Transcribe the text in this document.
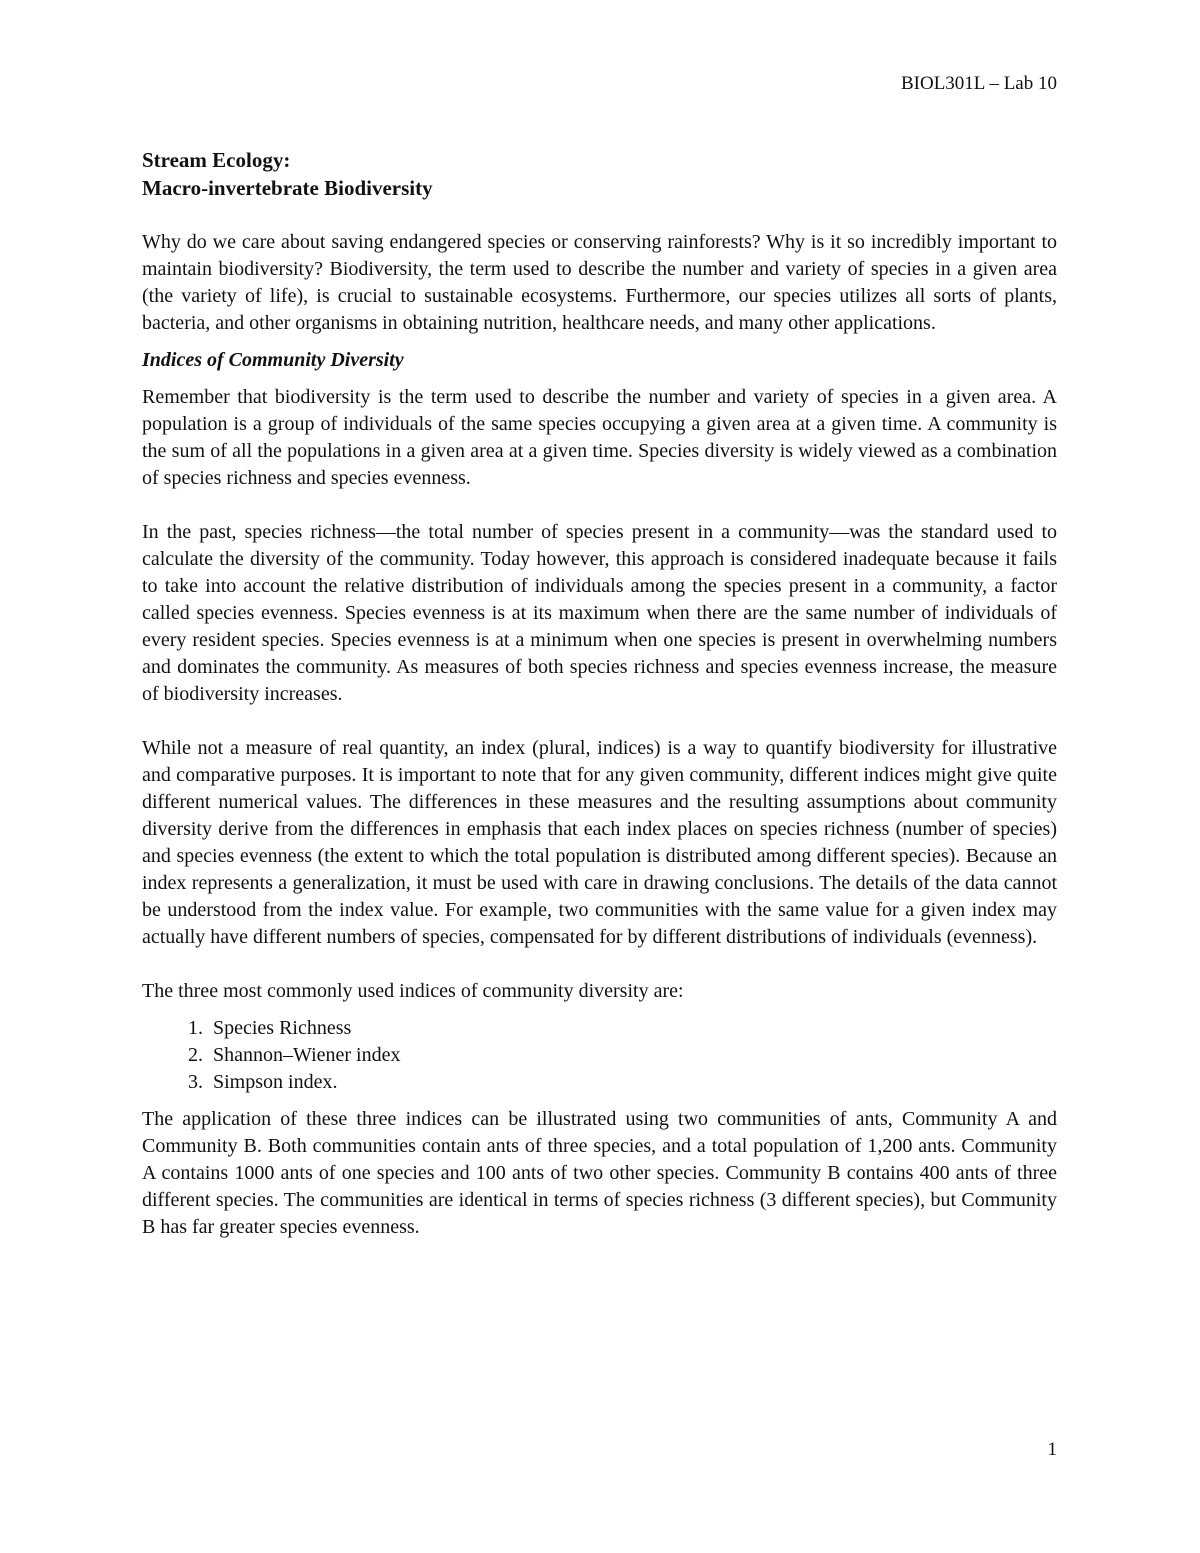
BIOL301L – Lab 10

Stream Ecology:

Macro-invertebrate Biodiversity

Why do we care about saving endangered species or conserving rainforests? Why is it so incredibly important to maintain biodiversity? Biodiversity, the term used to describe the number and variety of species in a given area (the variety of life), is crucial to sustainable ecosystems. Furthermore, our species utilizes all sorts of plants, bacteria, and other organisms in obtaining nutrition, healthcare needs, and many other applications.

Indices of Community Diversity

Remember that biodiversity is the term used to describe the number and variety of species in a given area. A population is a group of individuals of the same species occupying a given area at a given time. A community is the sum of all the populations in a given area at a given time. Species diversity is widely viewed as a combination of species richness and species evenness.

In the past, species richness—the total number of species present in a community—was the standard used to calculate the diversity of the community. Today however, this approach is considered inadequate because it fails to take into account the relative distribution of individuals among the species present in a community, a factor called species evenness. Species evenness is at its maximum when there are the same number of individuals of every resident species. Species evenness is at a minimum when one species is present in overwhelming numbers and dominates the community. As measures of both species richness and species evenness increase, the measure of biodiversity increases.

While not a measure of real quantity, an index (plural, indices) is a way to quantify biodiversity for illustrative and comparative purposes. It is important to note that for any given community, different indices might give quite different numerical values. The differences in these measures and the resulting assumptions about community diversity derive from the differences in emphasis that each index places on species richness (number of species) and species evenness (the extent to which the total population is distributed among different species). Because an index represents a generalization, it must be used with care in drawing conclusions. The details of the data cannot be understood from the index value. For example, two communities with the same value for a given index may actually have different numbers of species, compensated for by different distributions of individuals (evenness).

The three most commonly used indices of community diversity are:

1. Species Richness
2. Shannon–Wiener index
3. Simpson index.

The application of these three indices can be illustrated using two communities of ants, Community A and Community B. Both communities contain ants of three species, and a total population of 1,200 ants. Community A contains 1000 ants of one species and 100 ants of two other species. Community B contains 400 ants of three different species. The communities are identical in terms of species richness (3 different species), but Community B has far greater species evenness.

1
